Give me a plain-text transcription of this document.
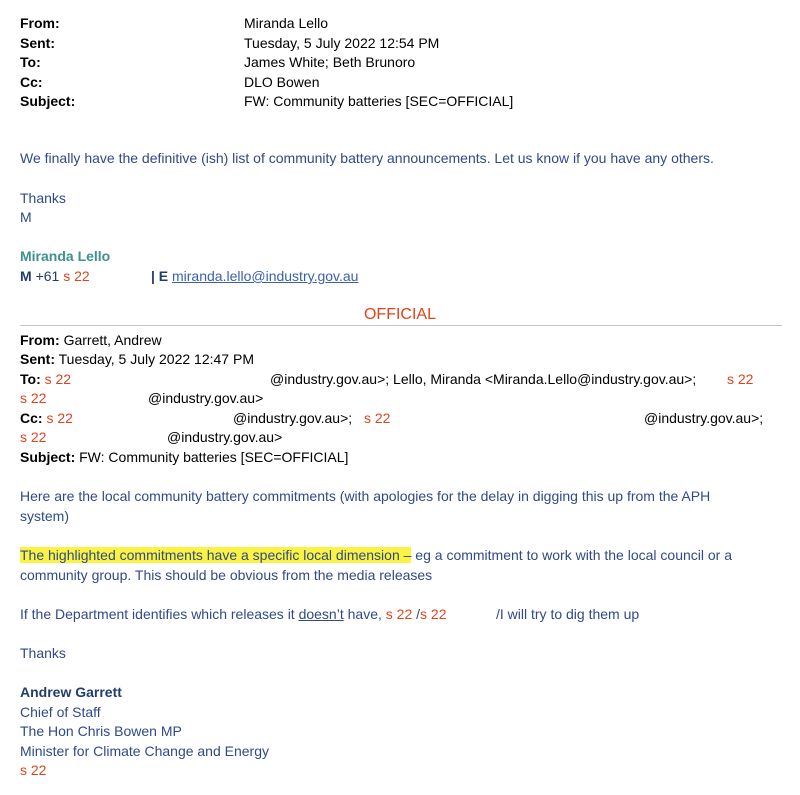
From:	Miranda Lello
Sent:	Tuesday, 5 July 2022 12:54 PM
To:	James White; Beth Brunoro
Cc:	DLO Bowen
Subject:	FW: Community batteries [SEC=OFFICIAL]
We finally have the definitive (ish) list of community battery announcements. Let us know if you have any others.
Thanks
M
Miranda Lello
M +61 s 22	| E miranda.lello@industry.gov.au
OFFICIAL
From: Garrett, Andrew
Sent: Tuesday, 5 July 2022 12:47 PM
To: s 22	@industry.gov.au>; Lello, Miranda <Miranda.Lello@industry.gov.au>; s 22
s 22	@industry.gov.au>
Cc: s 22	@industry.gov.au>; s 22	@industry.gov.au>;
s 22	@industry.gov.au>
Subject: FW: Community batteries [SEC=OFFICIAL]
Here are the local community battery commitments (with apologies for the delay in digging this up from the APH
system)
The highlighted commitments have a specific local dimension – eg a commitment to work with the local council or a
community group. This should be obvious from the media releases
If the Department identifies which releases it doesn’t have, s 22 /s 22	/I will try to dig them up
Thanks
Andrew Garrett
Chief of Staff
The Hon Chris Bowen MP
Minister for Climate Change and Energy
s 22
